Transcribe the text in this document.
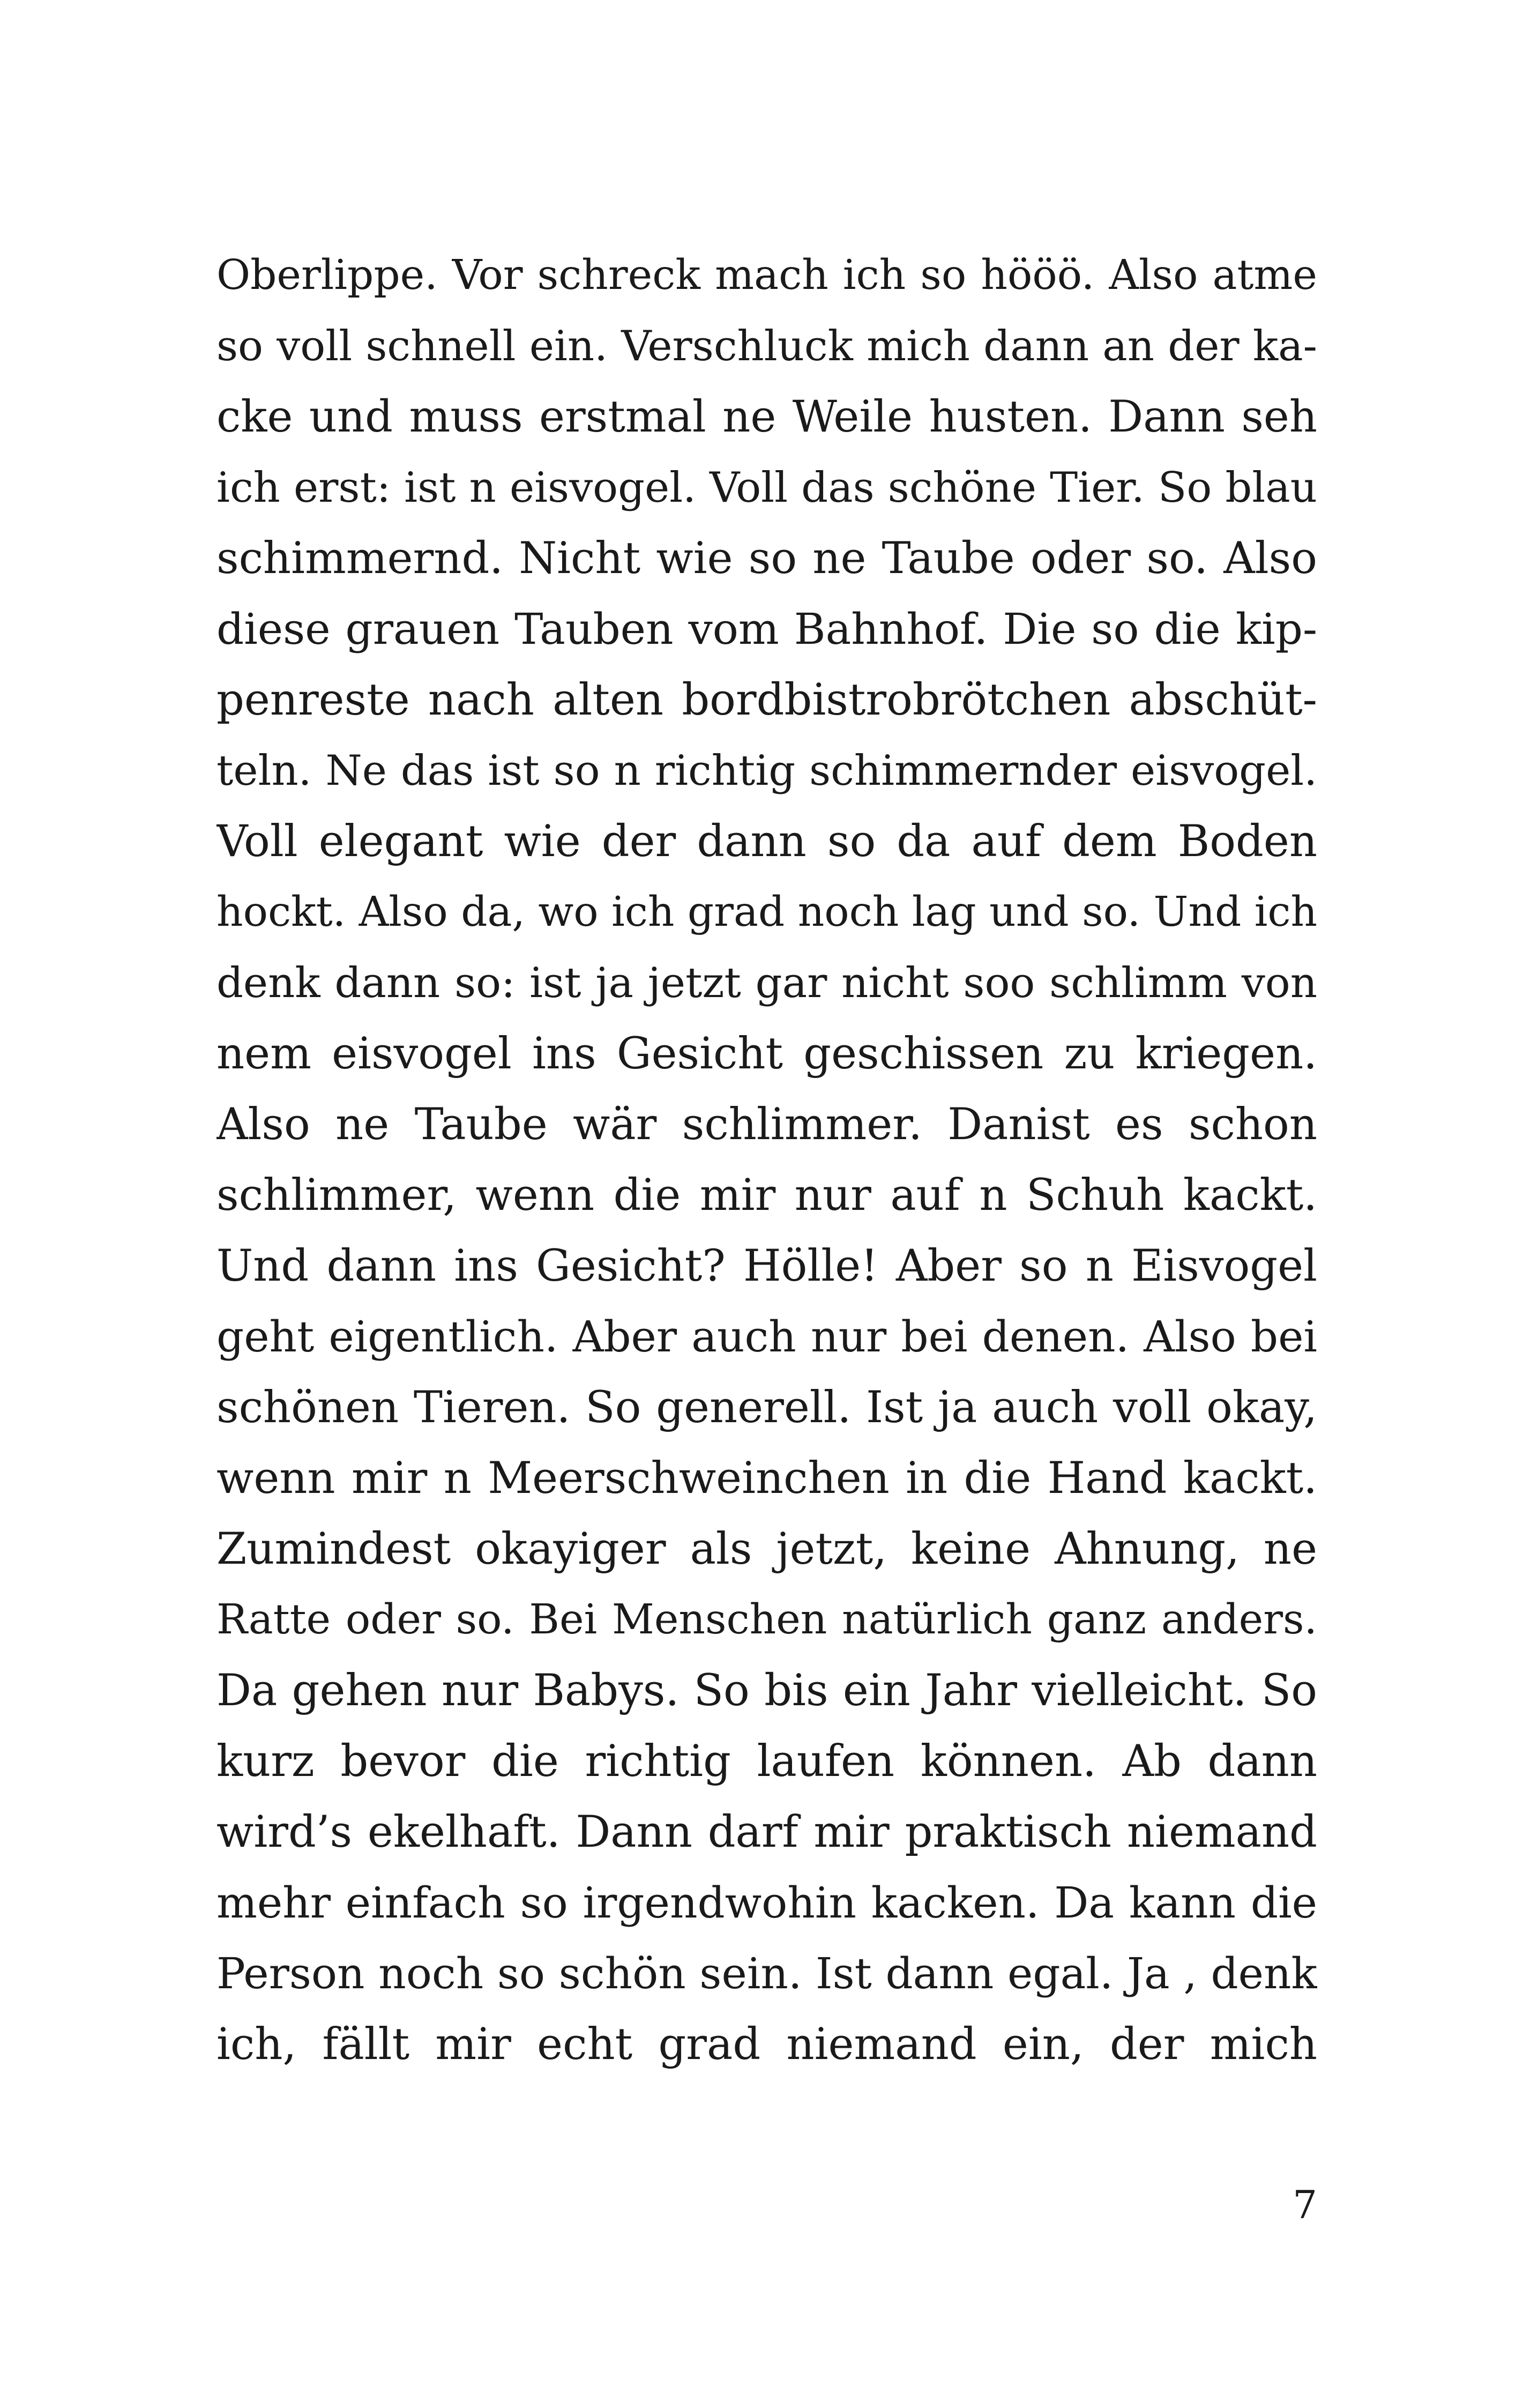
Oberlippe. Vor schreck mach ich so hööö. Also atme
so voll schnell ein. Verschluck mich dann an der ka-
cke und muss erstmal ne Weile husten. Dann seh
ich erst: ist n eisvogel. Voll das schöne Tier. So blau
schimmernd. Nicht wie so ne Taube oder so. Also
diese grauen Tauben vom Bahnhof. Die so die kip-
penreste nach alten bordbistrobrötchen abschüt-
teln. Ne das ist so n richtig schimmernder eisvogel.
Voll elegant wie der dann so da auf dem Boden
hockt. Also da, wo ich grad noch lag und so. Und ich
denk dann so: ist ja jetzt gar nicht soo schlimm von
nem eisvogel ins Gesicht geschissen zu kriegen.
Also ne Taube wär schlimmer. Danist es schon
schlimmer, wenn die mir nur auf n Schuh kackt.
Und dann ins Gesicht? Hölle! Aber so n Eisvogel
geht eigentlich. Aber auch nur bei denen. Also bei
schönen Tieren. So generell. Ist ja auch voll okay,
wenn mir n Meerschweinchen in die Hand kackt.
Zumindest okayiger als jetzt, keine Ahnung, ne
Ratte oder so. Bei Menschen natürlich ganz anders.
Da gehen nur Babys. So bis ein Jahr vielleicht. So
kurz bevor die richtig laufen können. Ab dann
wird’s ekelhaft. Dann darf mir praktisch niemand
mehr einfach so irgendwohin kacken. Da kann die
Person noch so schön sein. Ist dann egal. Ja , denk
ich, fällt mir echt grad niemand ein, der mich
7
